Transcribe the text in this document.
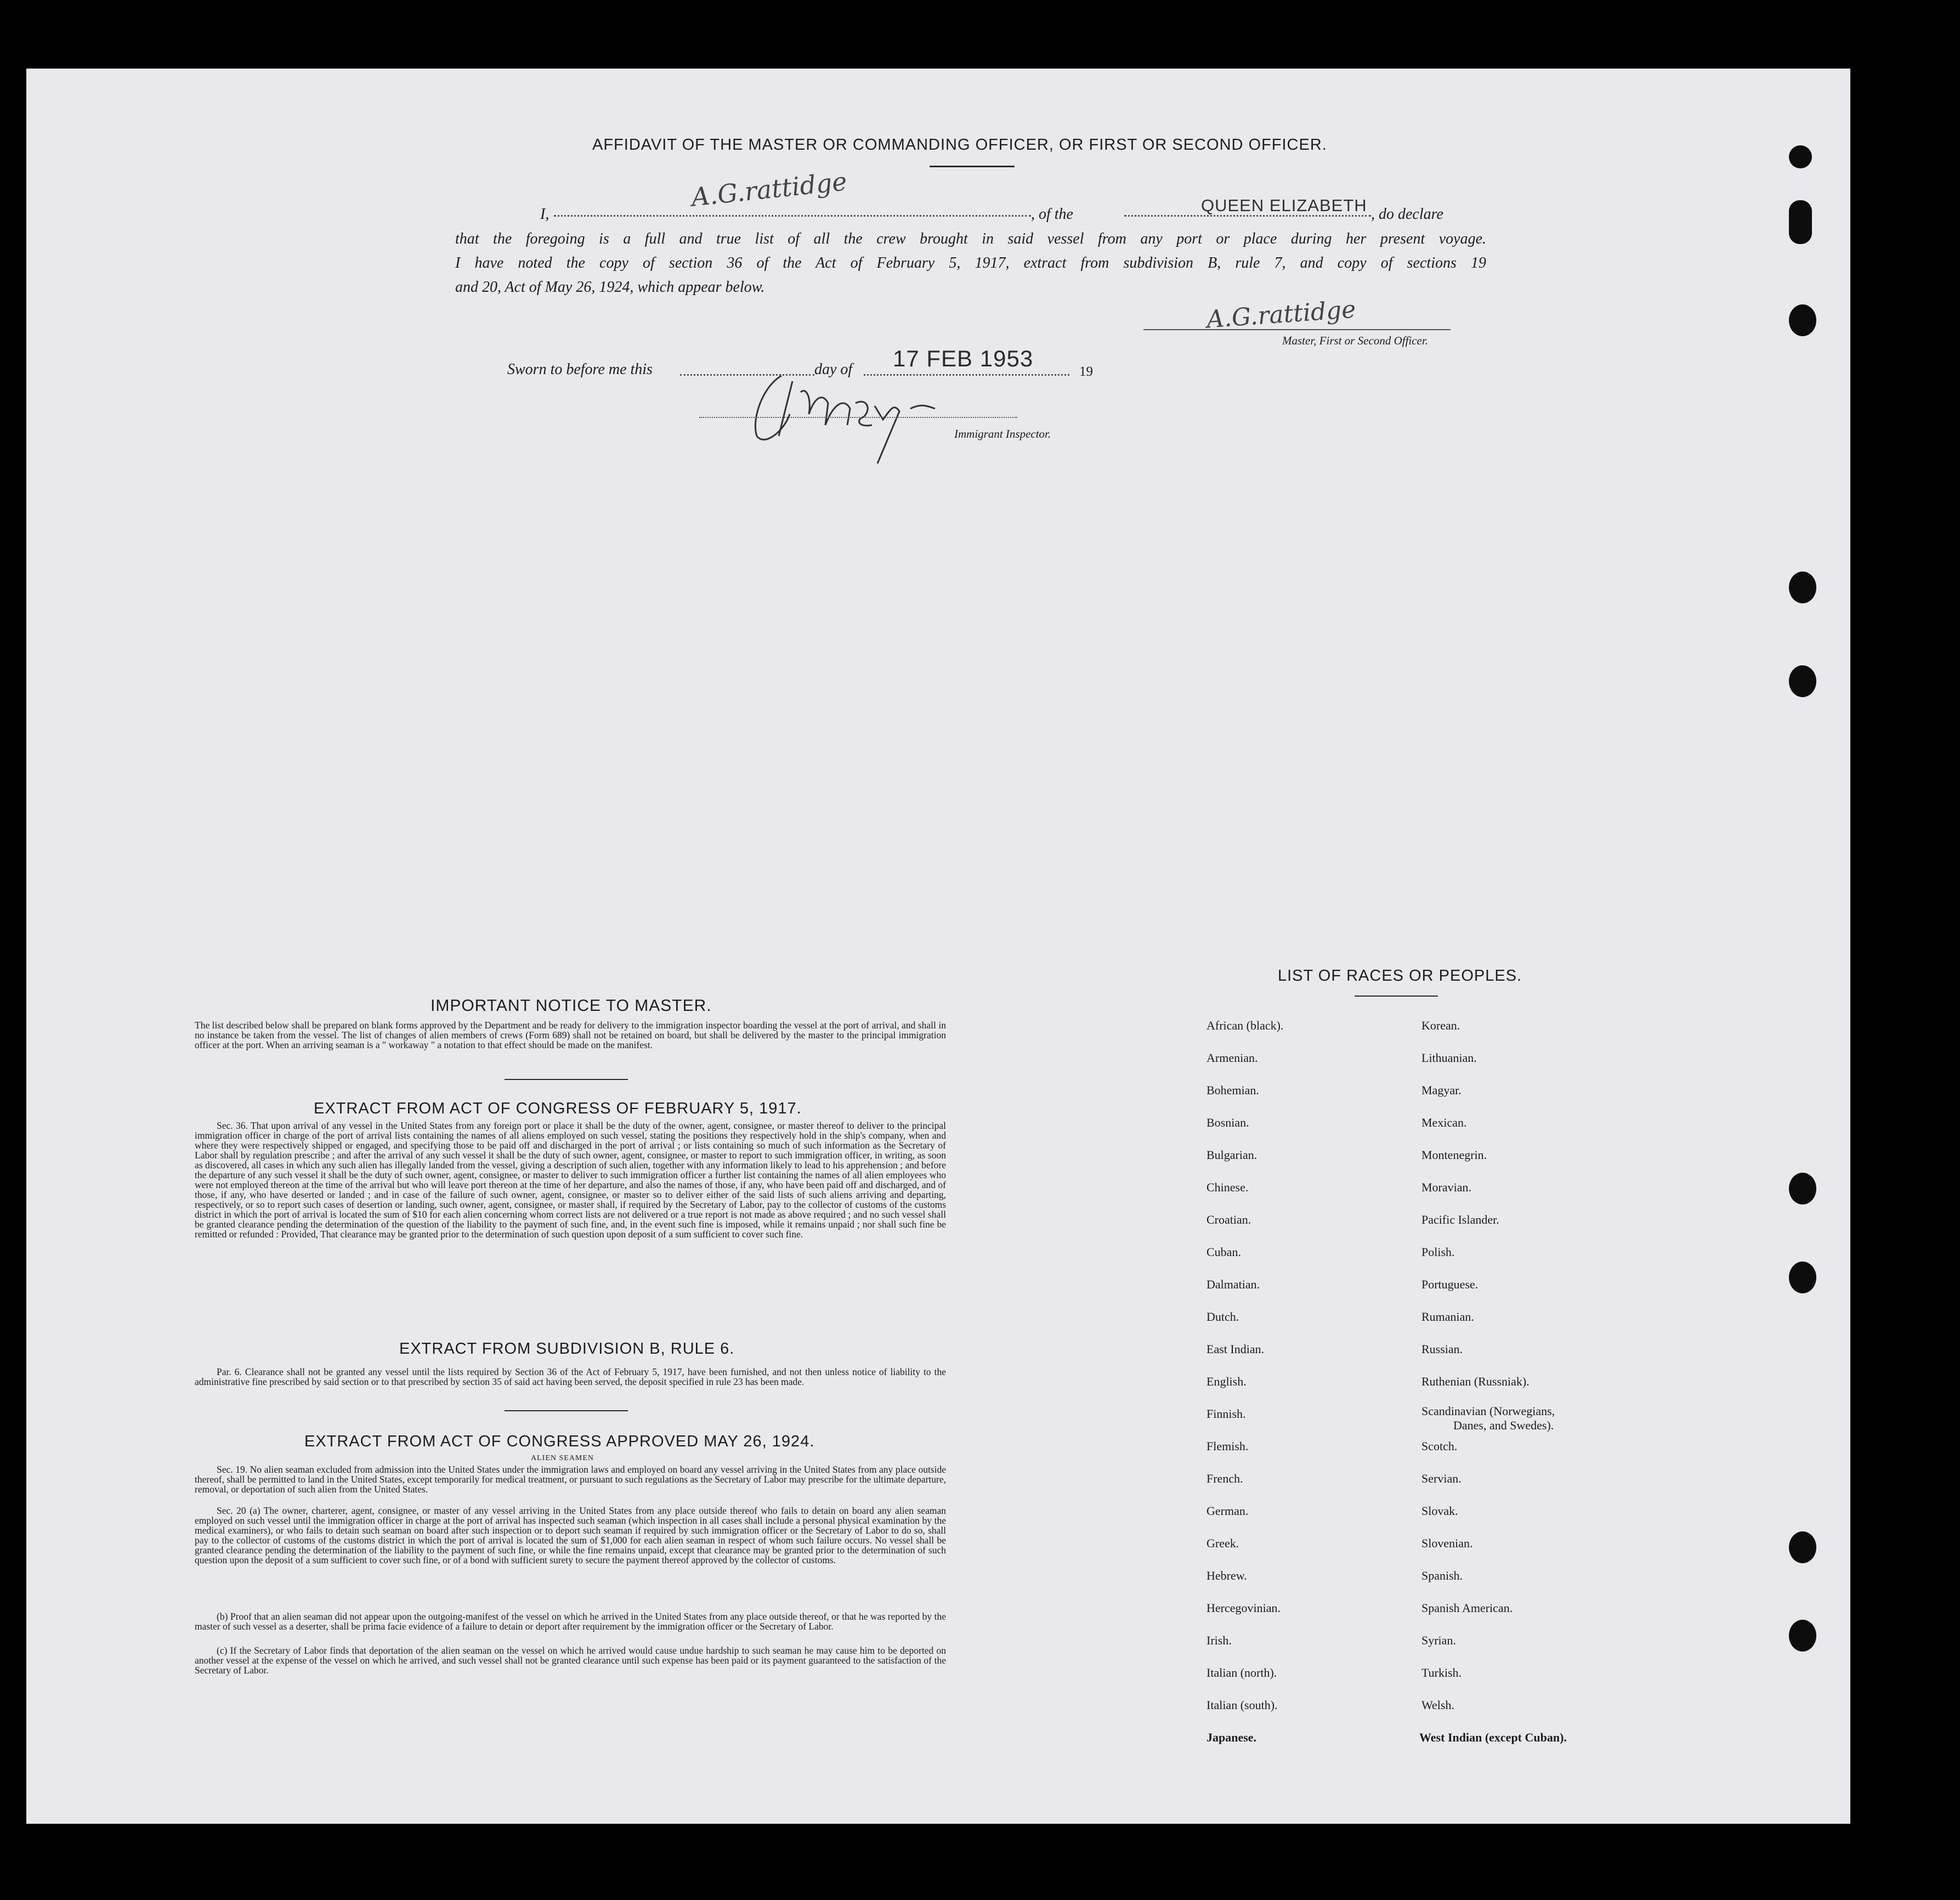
AFFIDAVIT OF THE MASTER OR COMMANDING OFFICER, OR FIRST OR SECOND OFFICER.
I,
A.G.rattidge
, of the	QUEEN ELIZABETH , do declare
that the foregoing is a full and true list of all the crew brought in said vessel from any port or place during her present voyage.
I have noted the copy of section 36 of the Act of February 5, 1917, extract from subdivision B, rule 7, and copy of sections 19
and 20, Act of May 26, 1924, which appear below.
A.G.rattidge
Master, First or Second Officer.
Sworn to before me this	day of 17 FEB 1953
19
Immigrant Inspector.
IMPORTANT NOTICE TO MASTER.
The list described below shall be prepared on blank forms approved by the Department and be ready for delivery to the immigration inspector boarding the vessel at the port of arrival, and shall in no instance be taken from the vessel. The list of changes of alien members of crews (Form 689) shall not be retained on board, but shall be delivered by the master to the principal immigration officer at the port. When an arriving seaman is a " workaway " a notation to that effect should be made on the manifest.
EXTRACT FROM ACT OF CONGRESS OF FEBRUARY 5, 1917.
Sec. 36. That upon arrival of any vessel in the United States from any foreign port or place it shall be the duty of the owner, agent, consignee, or master thereof to deliver to the principal immigration officer in charge of the port of arrival lists containing the names of all aliens employed on such vessel, stating the positions they respectively hold in the ship's company, when and where they were respectively shipped or engaged, and specifying those to be paid off and discharged in the port of arrival ; or lists containing so much of such information as the Secretary of Labor shall by regulation prescribe ; and after the arrival of any such vessel it shall be the duty of such owner, agent, consignee, or master to report to such immigration officer, in writing, as soon as discovered, all cases in which any such alien has illegally landed from the vessel, giving a description of such alien, together with any information likely to lead to his apprehension ; and before the departure of any such vessel it shall be the duty of such owner, agent, consignee, or master to deliver to such immigration officer a further list containing the names of all alien employees who were not employed thereon at the time of the arrival but who will leave port thereon at the time of her departure, and also the names of those, if any, who have been paid off and discharged, and of those, if any, who have deserted or landed ; and in case of the failure of such owner, agent, consignee, or master so to deliver either of the said lists of such aliens arriving and departing, respectively, or so to report such cases of desertion or landing, such owner, agent, consignee, or master shall, if required by the Secretary of Labor, pay to the collector of customs of the customs district in which the port of arrival is located the sum of $10 for each alien concerning whom correct lists are not delivered or a true report is not made as above required ; and no such vessel shall be granted clearance pending the determination of the question of the liability to the payment of such fine, and, in the event such fine is imposed, while it remains unpaid ; nor shall such fine be remitted or refunded : Provided, That clearance may be granted prior to the determination of such question upon deposit of a sum sufficient to cover such fine.
EXTRACT FROM SUBDIVISION B, RULE 6.
Par. 6. Clearance shall not be granted any vessel until the lists required by Section 36 of the Act of February 5, 1917, have been furnished, and not then unless notice of liability to the administrative fine prescribed by said section or to that prescribed by section 35 of said act having been served, the deposit specified in rule 23 has been made.
EXTRACT FROM ACT OF CONGRESS APPROVED MAY 26, 1924.
ALIEN SEAMEN
Sec. 19. No alien seaman excluded from admission into the United States under the immigration laws and employed on board any vessel arriving in the United States from any place outside thereof, shall be permitted to land in the United States, except temporarily for medical treatment, or pursuant to such regulations as the Secretary of Labor may prescribe for the ultimate departure, removal, or deportation of such alien from the United States.
Sec. 20 (a) The owner, charterer, agent, consignee, or master of any vessel arriving in the United States from any place outside thereof who fails to detain on board any alien seaman employed on such vessel until the immigration officer in charge at the port of arrival has inspected such seaman (which inspection in all cases shall include a personal physical examination by the medical examiners), or who fails to detain such seaman on board after such inspection or to deport such seaman if required by such immigration officer or the Secretary of Labor to do so, shall pay to the collector of customs of the customs district in which the port of arrival is located the sum of $1,000 for each alien seaman in respect of whom such failure occurs. No vessel shall be granted clearance pending the determination of the liability to the payment of such fine, or while the fine remains unpaid, except that clearance may be granted prior to the determination of such question upon the deposit of a sum sufficient to cover such fine, or of a bond with sufficient surety to secure the payment thereof approved by the collector of customs.
(b) Proof that an alien seaman did not appear upon the outgoing-manifest of the vessel on which he arrived in the United States from any place outside thereof, or that he was reported by the master of such vessel as a deserter, shall be prima facie evidence of a failure to detain or deport after requirement by the immigration officer or the Secretary of Labor.
(c) If the Secretary of Labor finds that deportation of the alien seaman on the vessel on which he arrived would cause undue hardship to such seaman he may cause him to be deported on another vessel at the expense of the vessel on which he arrived, and such vessel shall not be granted clearance until such expense has been paid or its payment guaranteed to the satisfaction of the Secretary of Labor.
LIST OF RACES OR PEOPLES.
African (black).
Armenian.
Bohemian.
Bosnian.
Bulgarian.
Chinese.
Croatian.
Cuban.
Dalmatian.
Dutch.
East Indian.
English.
Finnish.
Flemish.
French.
German.
Greek.
Hebrew.
Hercegovinian.
Irish.
Italian (north).
Italian (south).
Japanese.
Korean.
Lithuanian.
Magyar.
Mexican.
Montenegrin.
Moravian.
Pacific Islander.
Polish.
Portuguese.
Rumanian.
Russian.
Ruthenian (Russniak).
Scandinavian (Norwegians,
Danes, and Swedes).
Scotch.
Servian.
Slovak.
Slovenian.
Spanish.
Spanish American.
Syrian.
Turkish.
Welsh.
West Indian (except Cuban).
